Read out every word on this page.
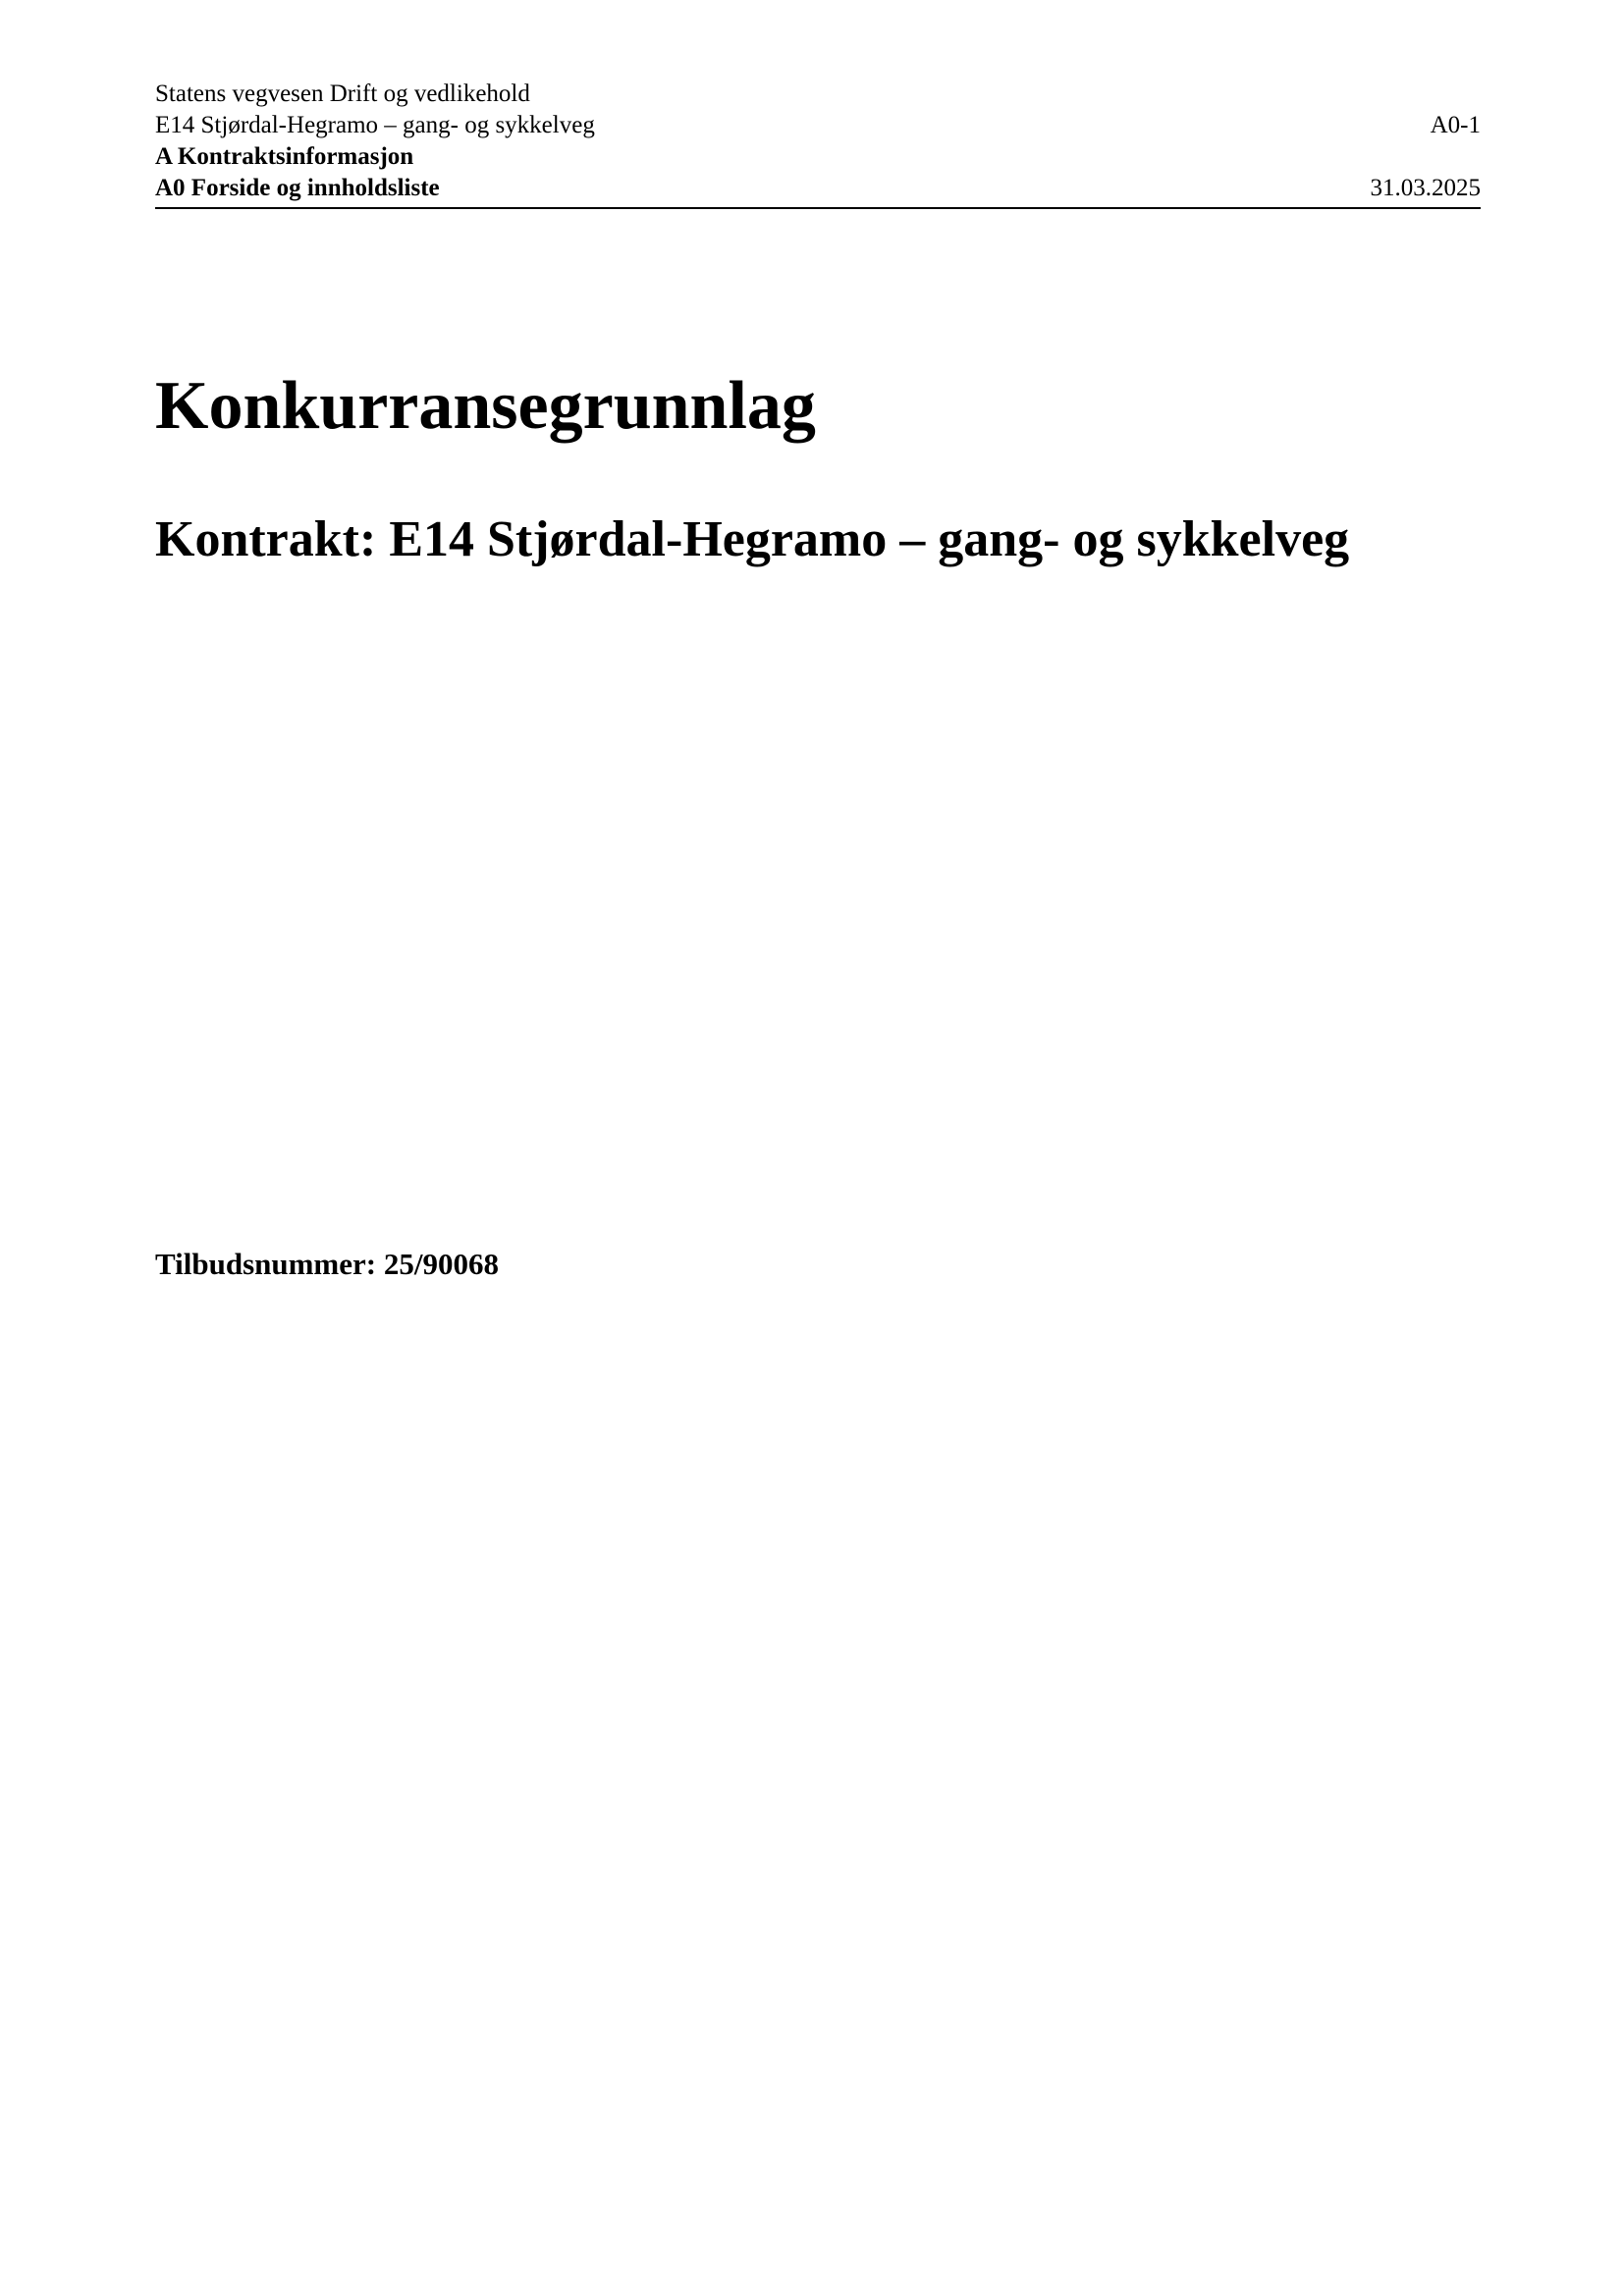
Statens vegvesen Drift og vedlikehold
E14 Stjørdal-Hegramo – gang- og sykkelveg	A0-1
A Kontraktsinformasjon
A0 Forside og innholdsliste	31.03.2025
Konkurransegrunnlag
Kontrakt: E14 Stjørdal-Hegramo – gang- og sykkelveg

Tilbudsnummer: 25/90068
